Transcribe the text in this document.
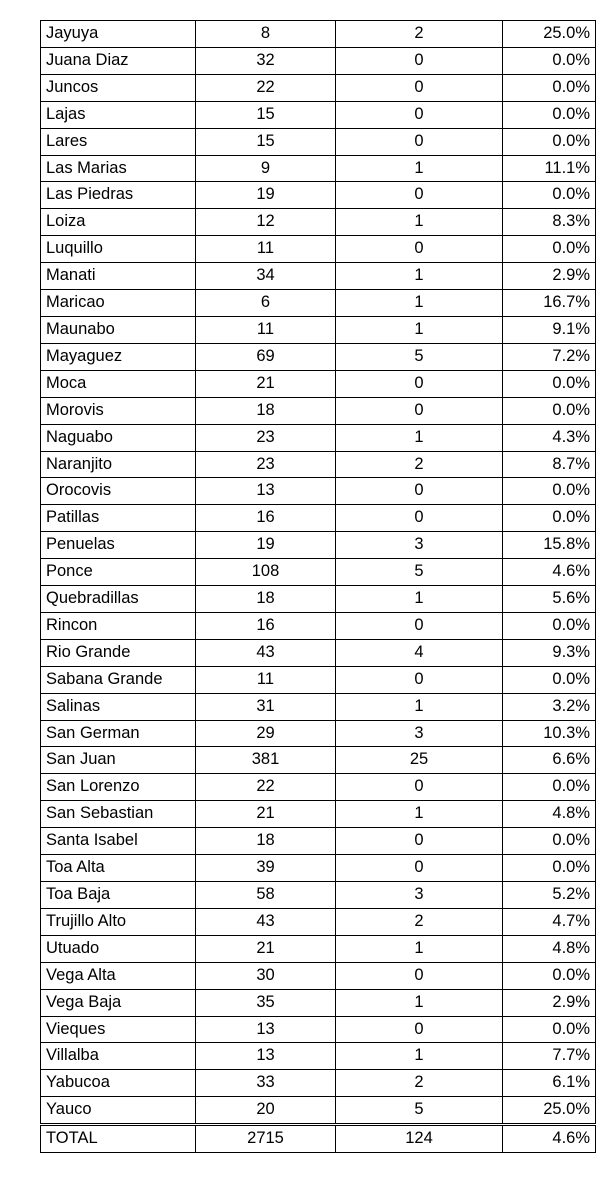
Jayuya	8	2	25.0%
Juana Diaz	32	0	0.0%
Juncos	22	0	0.0%
Lajas	15	0	0.0%
Lares	15	0	0.0%
Las Marias	9	1	11.1%
Las Piedras	19	0	0.0%
Loiza	12	1	8.3%
Luquillo	11	0	0.0%
Manati	34	1	2.9%
Maricao	6	1	16.7%
Maunabo	11	1	9.1%
Mayaguez	69	5	7.2%
Moca	21	0	0.0%
Morovis	18	0	0.0%
Naguabo	23	1	4.3%
Naranjito	23	2	8.7%
Orocovis	13	0	0.0%
Patillas	16	0	0.0%
Penuelas	19	3	15.8%
Ponce	108	5	4.6%
Quebradillas	18	1	5.6%
Rincon	16	0	0.0%
Rio Grande	43	4	9.3%
Sabana Grande	11	0	0.0%
Salinas	31	1	3.2%
San German	29	3	10.3%
San Juan	381	25	6.6%
San Lorenzo	22	0	0.0%
San Sebastian	21	1	4.8%
Santa Isabel	18	0	0.0%
Toa Alta	39	0	0.0%
Toa Baja	58	3	5.2%
Trujillo Alto	43	2	4.7%
Utuado	21	1	4.8%
Vega Alta	30	0	0.0%
Vega Baja	35	1	2.9%
Vieques	13	0	0.0%
Villalba	13	1	7.7%
Yabucoa	33	2	6.1%
Yauco	20	5	25.0%
TOTAL	2715	124	4.6%
